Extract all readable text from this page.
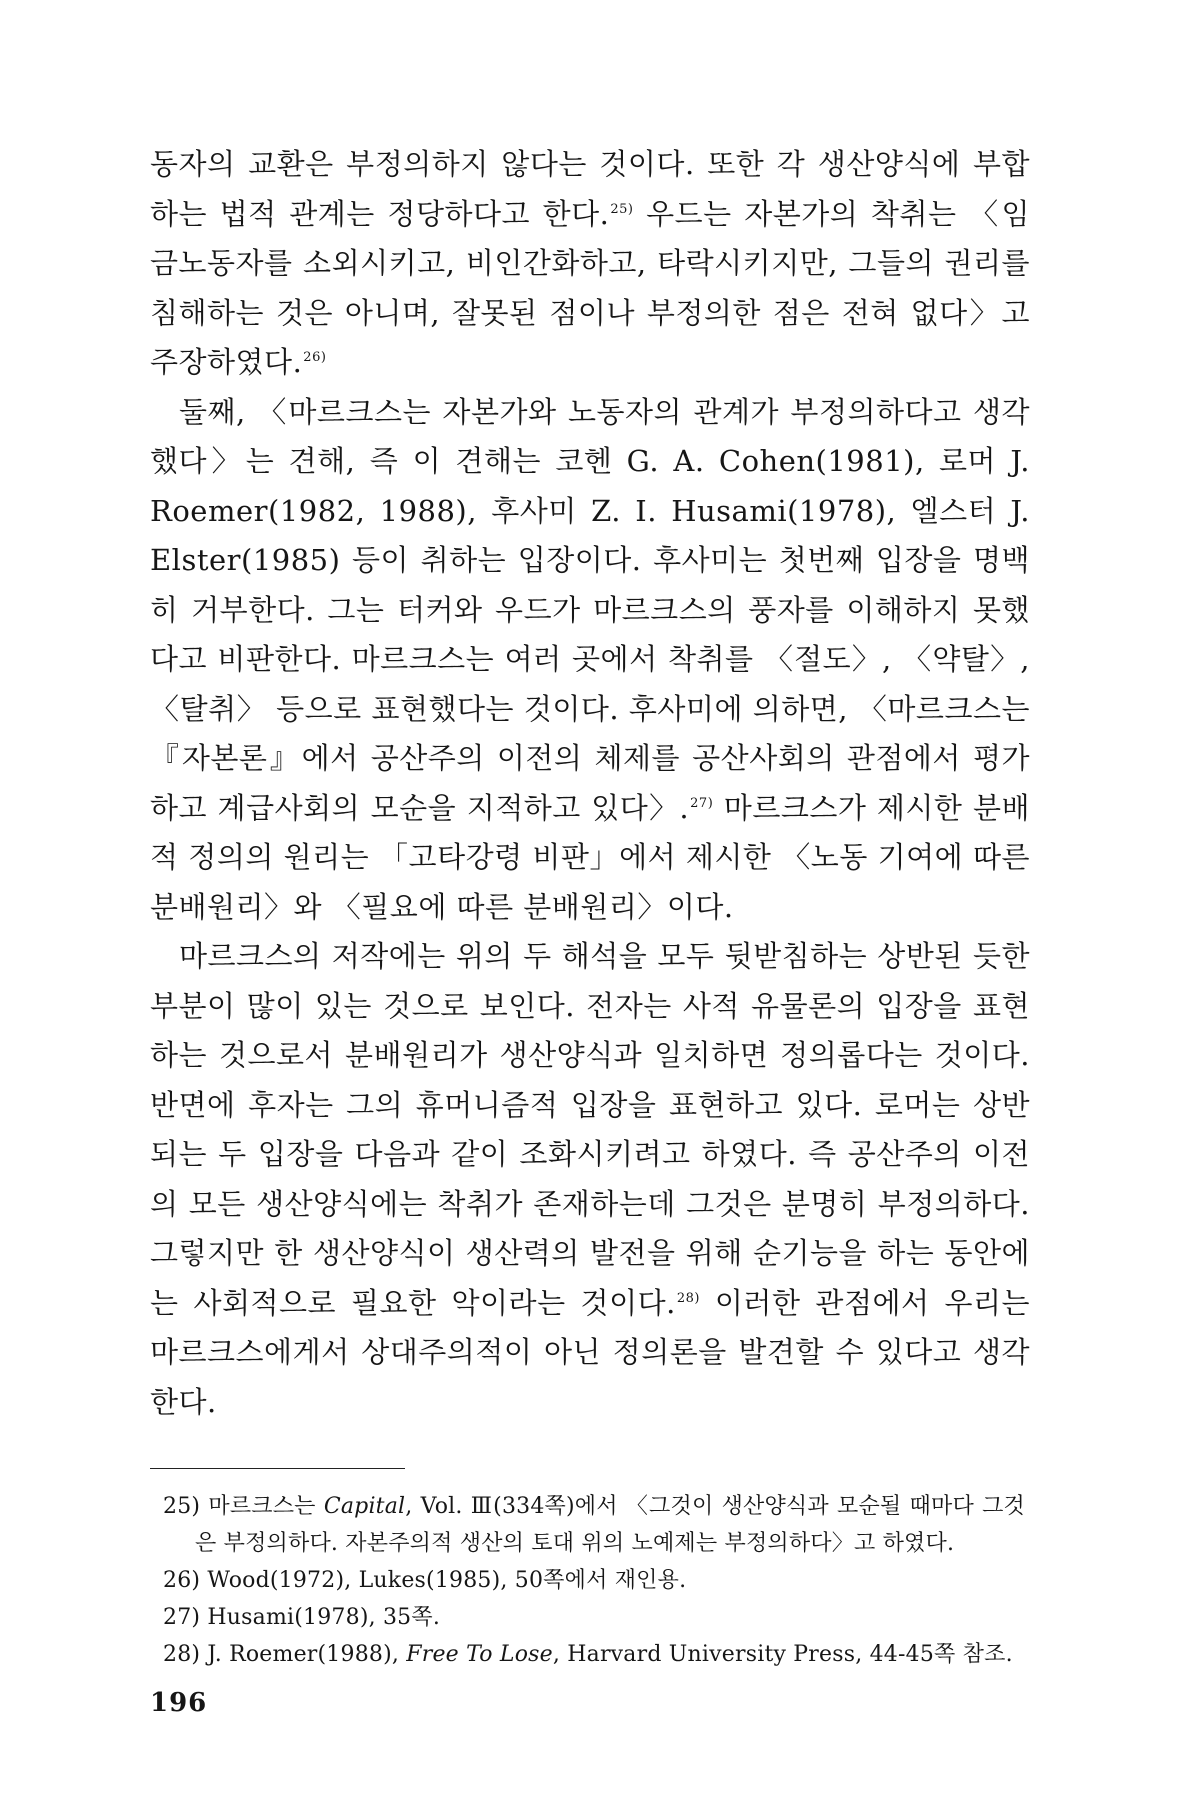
동자의 교환은 부정의하지 않다는 것이다. 또한 각 생산양식에 부합하는 법적 관계는 정당하다고 한다.$^{25)}$ 우드는 자본가의 착취는 〈임금노동자를 소외시키고, 비인간화하고, 타락시키지만, 그들의 권리를 침해하는 것은 아니며, 잘못된 점이나 부정의한 점은 전혀 없다〉고 주장하였다.$^{26)}$

둘째, 〈마르크스는 자본가와 노동자의 관계가 부정의하다고 생각했다〉는 견해, 즉 이 견해는 코헨 G. A. Cohen(1981), 로머 J. Roemer(1982, 1988), 후사미 Z. I. Husami(1978), 엘스터 J. Elster(1985) 등이 취하는 입장이다. 후사미는 첫번째 입장을 명백히 거부한다. 그는 터커와 우드가 마르크스의 풍자를 이해하지 못했다고 비판한다. 마르크스는 여러 곳에서 착취를 〈절도〉, 〈약탈〉, 〈탈취〉 등으로 표현했다는 것이다. 후사미에 의하면, 〈마르크스는 『자본론』에서 공산주의 이전의 체제를 공산사회의 관점에서 평가하고 계급사회의 모순을 지적하고 있다〉.$^{27)}$ 마르크스가 제시한 분배적 정의의 원리는 「고타강령 비판」에서 제시한 〈노동 기여에 따른 분배원리〉와 〈필요에 따른 분배원리〉이다.

마르크스의 저작에는 위의 두 해석을 모두 뒷받침하는 상반된 듯한 부분이 많이 있는 것으로 보인다. 전자는 사적 유물론의 입장을 표현하는 것으로서 분배원리가 생산양식과 일치하면 정의롭다는 것이다. 반면에 후자는 그의 휴머니즘적 입장을 표현하고 있다. 로머는 상반되는 두 입장을 다음과 같이 조화시키려고 하였다. 즉 공산주의 이전의 모든 생산양식에는 착취가 존재하는데 그것은 분명히 부정의하다. 그렇지만 한 생산양식이 생산력의 발전을 위해 순기능을 하는 동안에는 사회적으로 필요한 악이라는 것이다.$^{28)}$ 이러한 관점에서 우리는 마르크스에게서 상대주의적이 아닌 정의론을 발견할 수 있다고 생각한다.

25) 마르크스는 Capital, Vol. Ⅲ(334쪽)에서 〈그것이 생산양식과 모순될 때마다 그것은 부정의하다. 자본주의적 생산의 토대 위의 노예제는 부정의하다〉고 하였다.

26) Wood(1972), Lukes(1985), 50쪽에서 재인용.

27) Husami(1978), 35쪽.

28) J. Roemer(1988), Free To Lose, Harvard University Press, 44-45쪽 참조.

196
